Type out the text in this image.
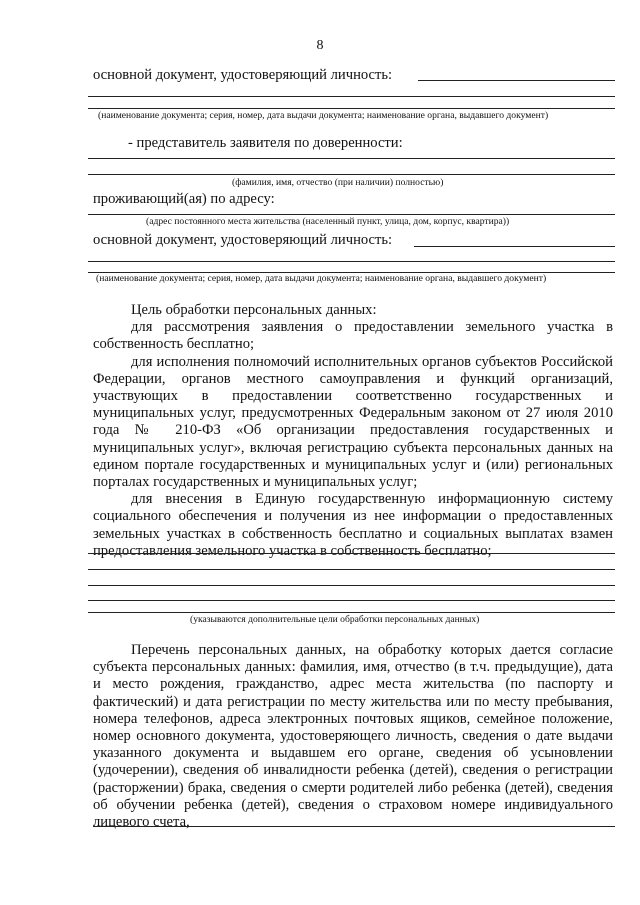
8
основной документ, удостоверяющий личность:
(наименование документа; серия, номер, дата выдачи документа; наименование органа, выдавшего документ)
- представитель заявителя по доверенности:
(фамилия, имя, отчество (при наличии) полностью)
проживающий(ая) по адресу:
(адрес постоянного места жительства (населенный пункт, улица, дом, корпус, квартира))
основной документ, удостоверяющий личность:
(наименование документа; серия, номер, дата выдачи документа; наименование органа, выдавшего документ)

Цель обработки персональных данных:

для рассмотрения заявления о предоставлении земельного участка в собственность бесплатно;

для исполнения полномочий исполнительных органов субъектов Российской Федерации, органов местного самоуправления и функций организаций, участвующих в предоставлении соответственно государственных и муниципальных услуг, предусмотренных Федеральным законом от 27 июля 2010 года № 210-ФЗ «Об организации предоставления государственных и муниципальных услуг», включая регистрацию субъекта персональных данных на едином портале государственных и муниципальных услуг и (или) региональных порталах государственных и муниципальных услуг;

для внесения в Единую государственную информационную систему социального обеспечения и получения из нее информации о предоставленных земельных участках в собственность бесплатно и социальных выплатах взамен предоставления земельного участка в собственность бесплатно;

(указываются дополнительные цели обработки персональных данных)

Перечень персональных данных, на обработку которых дается согласие субъекта персональных данных: фамилия, имя, отчество (в т.ч. предыдущие), дата и место рождения, гражданство, адрес места жительства (по паспорту и фактический) и дата регистрации по месту жительства или по месту пребывания, номера телефонов, адреса электронных почтовых ящиков, семейное положение, номер основного документа, удостоверяющего личность, сведения о дате выдачи указанного документа и выдавшем его органе, сведения об усыновлении (удочерении), сведения об инвалидности ребенка (детей), сведения о регистрации (расторжении) брака, сведения о смерти родителей либо ребенка (детей), сведения об обучении ребенка (детей), сведения о страховом номере индивидуального лицевого счета,
